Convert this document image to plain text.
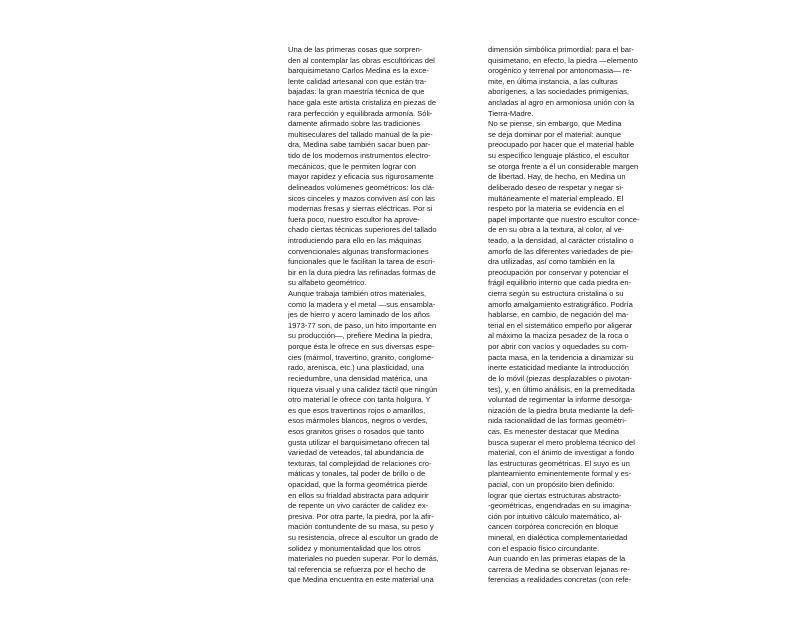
Una de las primeras cosas que sorpren-
den al contemplar las obras escultóricas del
barquisimetano Carlos Medina es la exce-
lente calidad artesanal con que están tra-
bajadas: la gran maestría técnica de que
hace gala este artista cristaliza en piezas de
rara perfección y equilibrada armonía. Sóli-
damente afirmado sobre las tradiciones
multiseculares del tallado manual de la pie-
dra, Medina sabe también sacar buen par-
tido de los modernos instrumentos electro-
mecánicos, que le permiten lograr con
mayor rapidez y eficacia sus rigurosamente
delineados volúmenes geométricos: los clá-
sicos cinceles y mazos conviven así con las
modernas fresas y sierras eléctricas. Por si
fuera poco, nuestro escultor ha aprove-
chado ciertas técnicas superiores del tallado
introduciendo para ello en las máquinas
convencionales algunas transformaciones
funcionales que le facilitan la tarea de escri-
bir en la dura piedra las refinadas formas de
su alfabeto geométrico.
Aunque trabaja también otros materiales,
como la madera y el metal —sus ensambla-
jes de hierro y acero laminado de los años
1973-77 son, de paso, un hito importante en
su producción—, prefiere Medina la piedra,
porque ésta le ofrece en sus diversas espe-
cies (mármol, travertino, granito, conglome-
rado, arenisca, etc.) una plasticidad, una
reciedumbre, una densidad matérica, una
riqueza visual y una calidez táctil que ningún
otro material le ofrece con tanta holgura. Y
es que esos travertinos rojos o amarillos,
esos mármoles blancos, negros o verdes,
esos granitos grises o rosados que tanto
gusta utilizar el barquisimetano ofrecen tal
variedad de veteados, tal abundancia de
texturas, tal complejidad de relaciones cro-
máticas y tonales, tal poder de brillo o de
opacidad, que la forma geométrica pierde
en ellos su frialdad abstracta para adquirir
de repente un vivo carácter de calidez ex-
presiva. Por otra parte, la piedra, por la afir-
mación contundente de su masa, su peso y
su resistencia, ofrece al escultor un grado de
solidez y monumentalidad que los otros
materiales no pueden superar. Por lo demás,
tal referencia se refuerza por el hecho de
que Medina encuentra en este material una
dimensión simbólica primordial: para el bar-
quisimetano, en efecto, la piedra —elemento
orogénico y terrenal por antonomasia— re-
mite, en última instancia, a las culturas
aborígenes, a las sociedades primigenias,
ancladas al agro en armoniosa unión con la
Tierra-Madre.
No se piense, sin embargo, que Medina
se deja dominar por el material: aunque
preocupado por hacer que el material hable
su específico lenguaje plástico, el escultor
se otorga frente a él un considerable margen
de libertad. Hay, de hecho, en Medina un
deliberado deseo de respetar y negar si-
multáneamente el material empleado. El
respeto por la materia se evidencia en el
papel importante que nuestro escultor conce-
de en su obra a la textura, al color, al ve-
teado, a la densidad, al carácter cristalino o
amorfo de las diferentes variedades de pie-
dra utilizadas, así como también en la
preocupación por conservar y potenciar el
frágil equilibrio interno que cada piedra en-
cierra según su estructura cristalina o su
amorfo amalgamiento estratigráfico. Podría
hablarse, en cambio, de negación del ma-
terial en el sistemático empeño por aligerar
al máximo la maciza pesadez de la roca o
por abrir con vacíos y oquedades su com-
pacta masa, en la tendencia a dinamizar su
inerte estaticidad mediante la introducción
de lo móvil (piezas desplazables o pivotan-
tes), y, en último análisis, en la premeditada
voluntad de regimentar la informe desorga-
nización de la piedra bruta mediante la defi-
nida racionalidad de las formas geométri-
cas. Es menester destacar que Medina
busca superar el mero problema técnico del
material, con el ánimo de investigar a fondo
las estructuras geométricas. El suyo es un
planteamiento eminentemente formal y es-
pacial, con un propósito bien definido:
lograr que ciertas estructuras abstracto-
-geométricas, engendradas en su imagina-
ción por intuitivo cálculo matemático, al-
cancen corpórea concreción en bloque
mineral, en dialéctica complementariedad
con el espacio físico circundante.
Aun cuando en las primeras etapas de la
carrera de Medina se observan lejanas re-
ferencias a realidades concretas (con refe-
